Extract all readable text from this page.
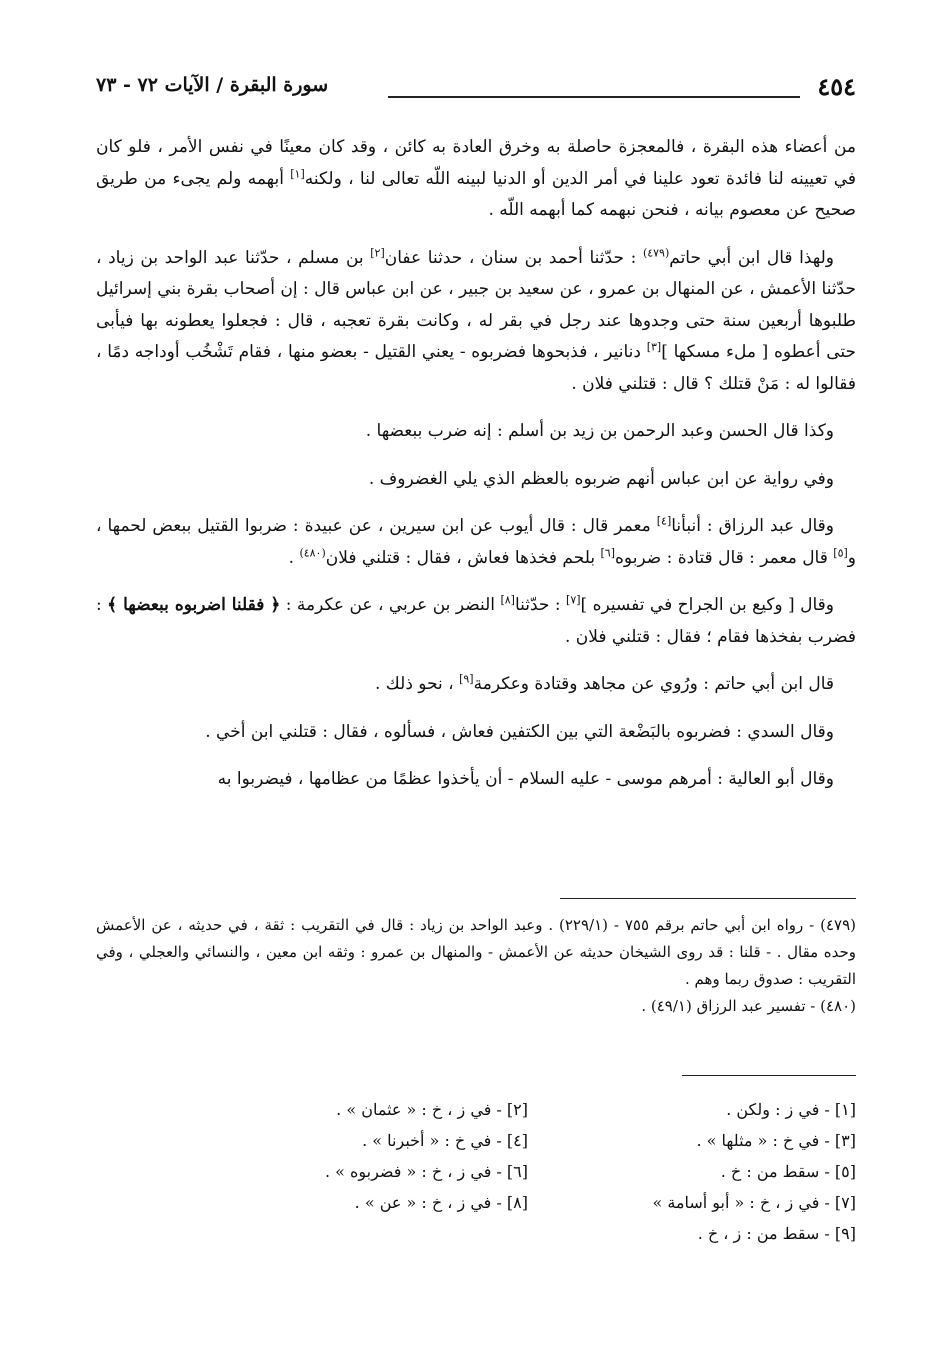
٤٥٤
سورة البقرة / الآيات ٧٢ - ٧٣

من أعضاء هذه البقرة ، فالمعجزة حاصلة به وخرق العادة به كائن ، وقد كان معينًا في نفس الأمر ، فلو كان في تعيينه لنا فائدة تعود علينا في أمر الدين أو الدنيا لبينه اللّه تعالى لنا ، ولكنه[١] أبهمه ولم يجىء من طريق صحيح عن معصوم بيانه ، فنحن نبهمه كما أبهمه اللّه .

ولهذا قال ابن أبي حاتم$^{(٤٧٩)}$ : حدّثنا أحمد بن سنان ، حدثنا عفان[٢] بن مسلم ، حدّثنا عبد الواحد بن زياد ، حدّثنا الأعمش ، عن المنهال بن عمرو ، عن سعيد بن جبير ، عن ابن عباس قال : إن أصحاب بقرة بني إسرائيل طلبوها أربعين سنة حتى وجدوها عند رجل في بقر له ، وكانت بقرة تعجبه ، قال : فجعلوا يعطونه بها فيأبى حتى أعطوه [ ملء مسكها ][٣] دنانير ، فذبحوها فضربوه - يعني القتيل - بعضو منها ، فقام تَشْخُب أوداجه دمًا ، فقالوا له : مَنْ قتلك ؟ قال : قتلني فلان .

وكذا قال الحسن وعبد الرحمن بن زيد بن أسلم : إنه ضرب ببعضها .

وفي رواية عن ابن عباس أنهم ضربوه بالعظم الذي يلي الغضروف .

وقال عبد الرزاق : أنبأنا[٤] معمر قال : قال أيوب عن ابن سيرين ، عن عبيدة : ضربوا القتيل ببعض لحمها ، و[٥] قال معمر : قال قتادة : ضربوه[٦] بلحم فخذها فعاش ، فقال : قتلني فلان$^{(٤٨٠)}$ .

وقال [ وكيع بن الجراح في تفسيره ][٧] : حدّثنا[٨] النضر بن عربي ، عن عكرمة : ﴿ فقلنا اضربوه ببعضها ﴾ : فضرب بفخذها فقام ؛ فقال : قتلني فلان .

قال ابن أبي حاتم : ورُوي عن مجاهد وقتادة وعكرمة[٩] ، نحو ذلك .

وقال السدي : فضربوه بالبَضْعة التي بين الكتفين فعاش ، فسألوه ، فقال : قتلني ابن أخي .

وقال أبو العالية : أمرهم موسى - عليه السلام - أن يأخذوا عظمًا من عظامها ، فيضربوا به

(٤٧٩) - رواه ابن أبي حاتم برقم ٧٥٥ - (٢٢٩/١) . وعبد الواحد بن زياد : قال في التقريب : ثقة ، في حديثه ، عن الأعمش وحده مقال . - قلنا : قد روى الشيخان حديثه عن الأعمش - والمنهال بن عمرو : وثقه ابن معين ، والنسائي والعجلي ، وفي التقريب : صدوق ربما وهم .

(٤٨٠) - تفسير عبد الرزاق (٤٩/١) .

[١] - في ز : ولكن .
[٢] - في ز ، خ : « عثمان » .
[٣] - في خ : « مثلها » .
[٤] - في خ : « أخبرنا » .
[٥] - سقط من : خ .
[٦] - في ز ، خ : « فضربوه » .
[٧] - في ز ، خ : « أبو أسامة »
[٨] - في ز ، خ : « عن » .
[٩] - سقط من : ز ، خ .
